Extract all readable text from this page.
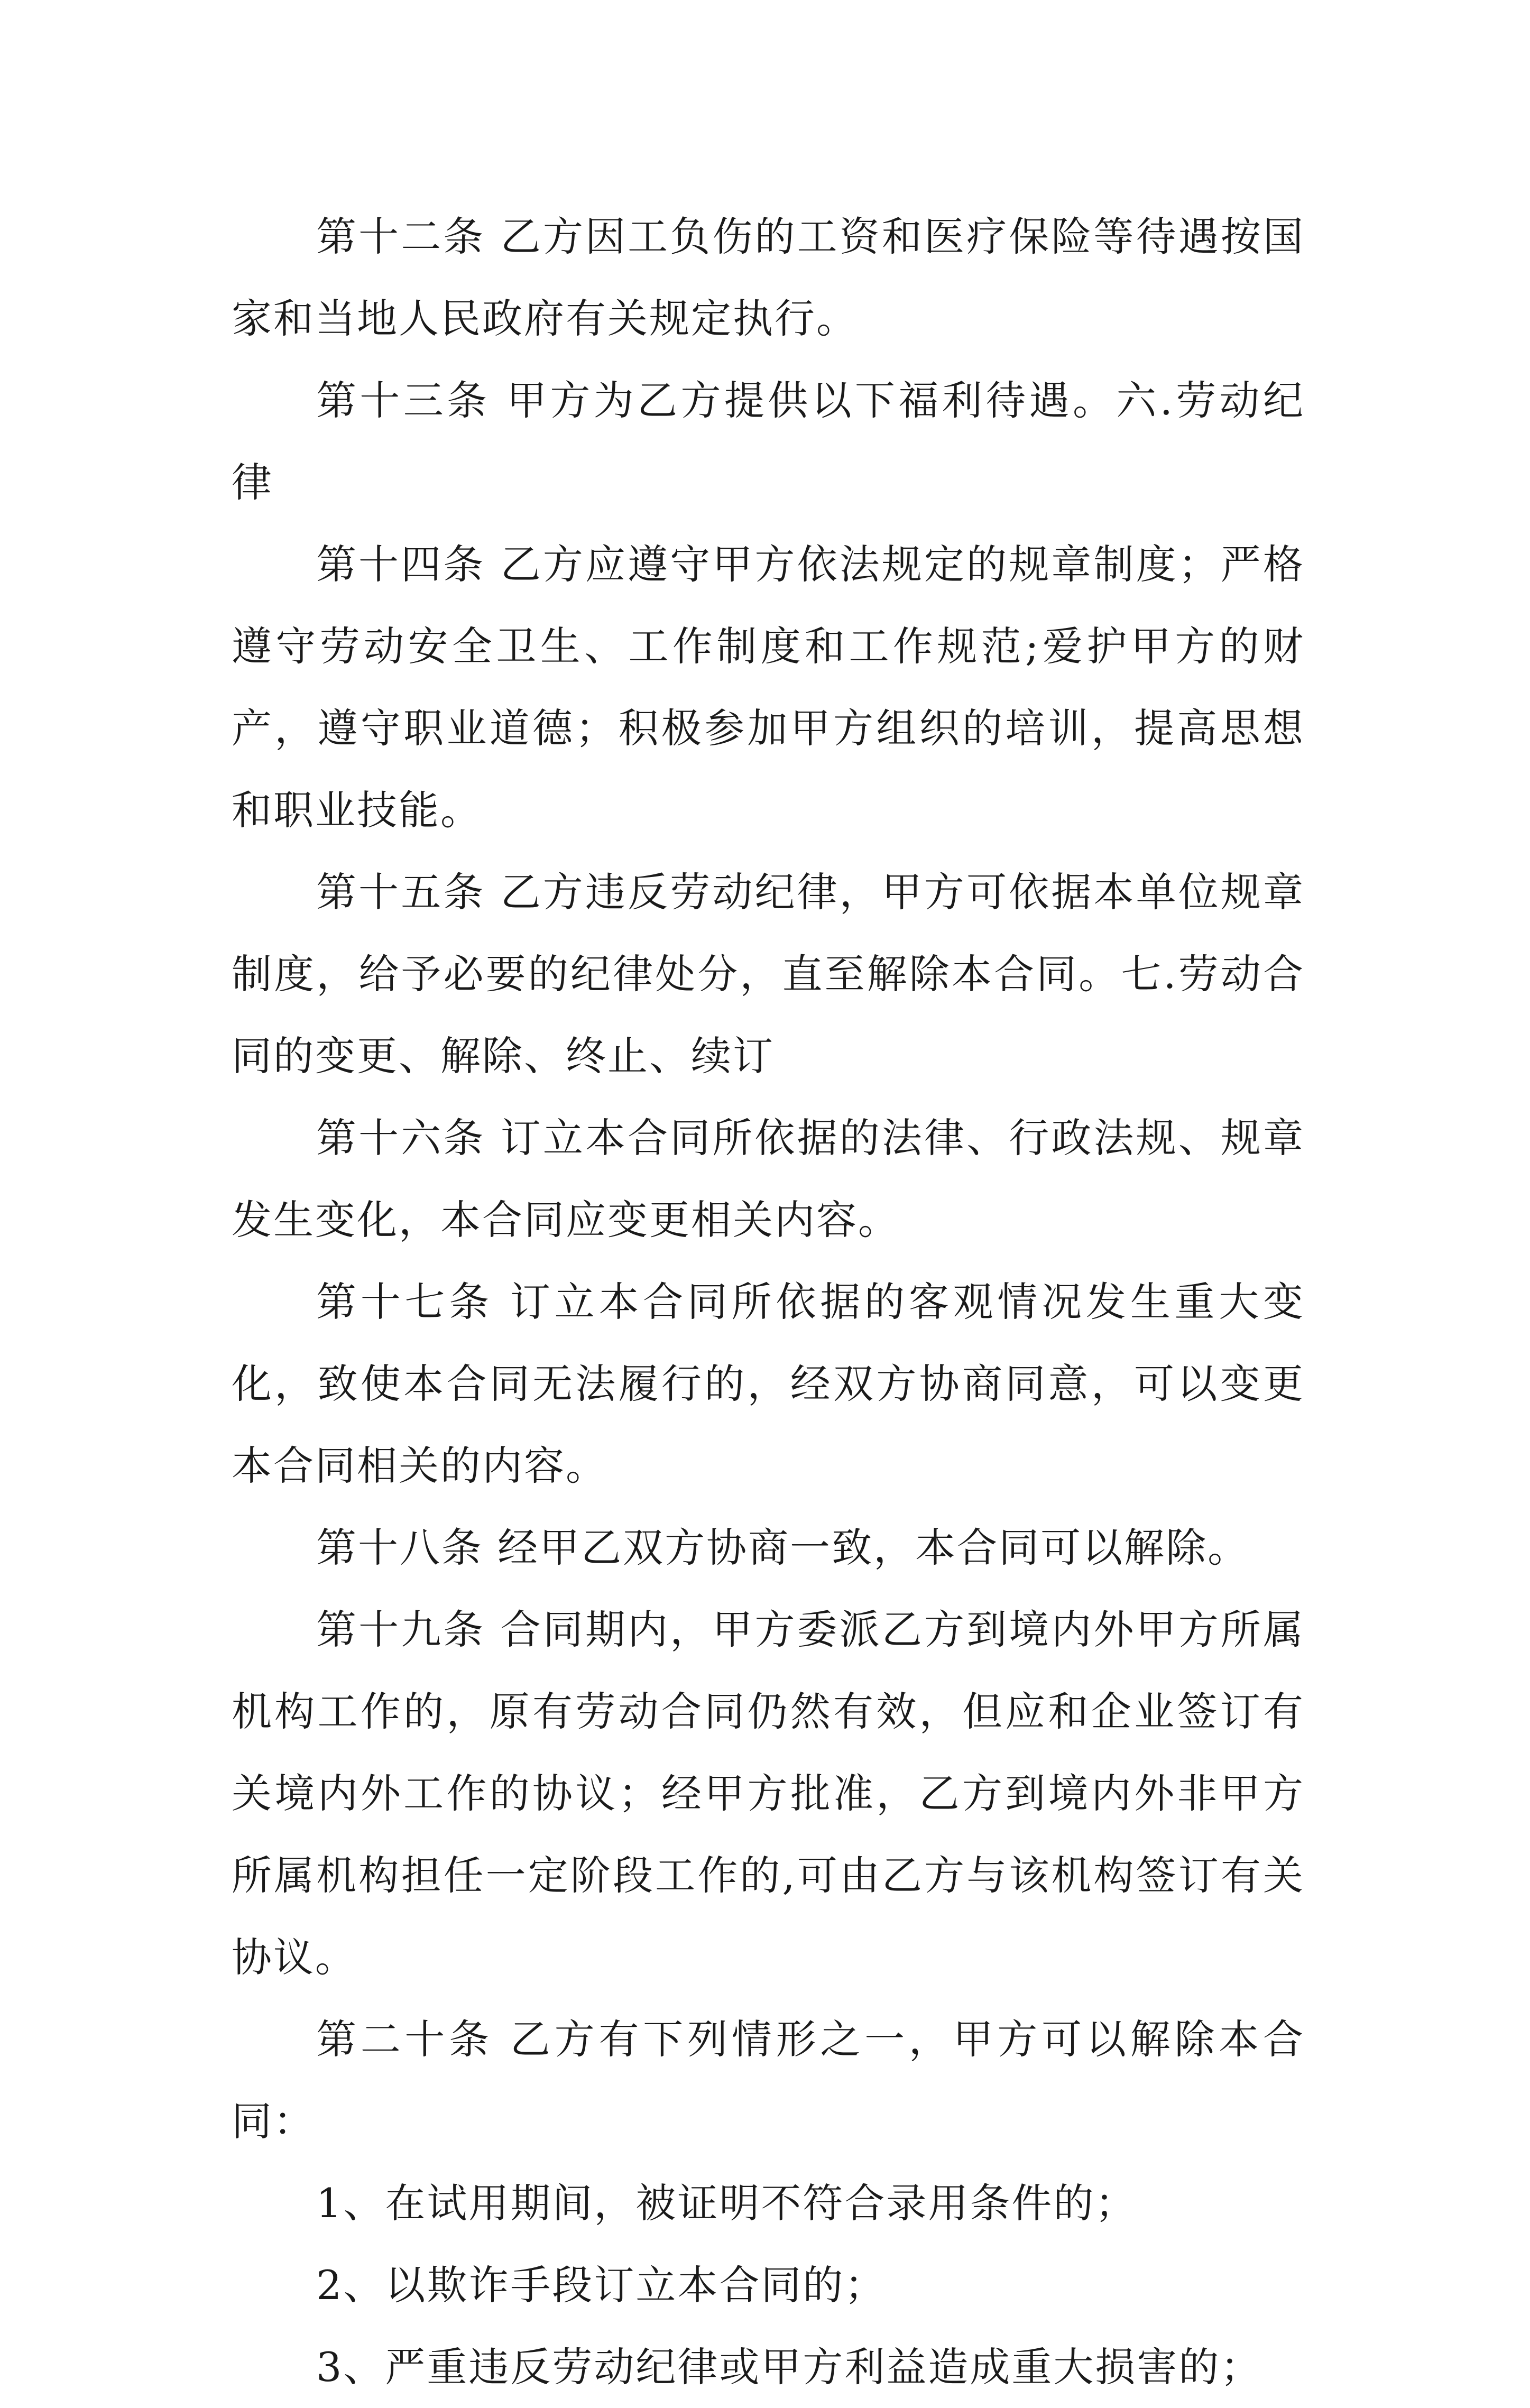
第十二条 乙方因工负伤的工资和医疗保险等待遇按国家和当地人民政府有关规定执行。

第十三条 甲方为乙方提供以下福利待遇。六.劳动纪律

第十四条 乙方应遵守甲方依法规定的规章制度；严格遵守劳动安全卫生、工作制度和工作规范;爱护甲方的财产，遵守职业道德；积极参加甲方组织的培训，提高思想和职业技能。

第十五条 乙方违反劳动纪律，甲方可依据本单位规章制度，给予必要的纪律处分，直至解除本合同。七.劳动合同的变更、解除、终止、续订

第十六条 订立本合同所依据的法律、行政法规、规章发生变化，本合同应变更相关内容。

第十七条 订立本合同所依据的客观情况发生重大变化，致使本合同无法履行的，经双方协商同意，可以变更本合同相关的内容。

第十八条 经甲乙双方协商一致，本合同可以解除。

第十九条 合同期内，甲方委派乙方到境内外甲方所属机构工作的，原有劳动合同仍然有效，但应和企业签订有关境内外工作的协议；经甲方批准，乙方到境内外非甲方所属机构担任一定阶段工作的,可由乙方与该机构签订有关协议。

第二十条 乙方有下列情形之一，甲方可以解除本合同：

1、在试用期间，被证明不符合录用条件的；

2、以欺诈手段订立本合同的；

3、严重违反劳动纪律或甲方利益造成重大损害的；
